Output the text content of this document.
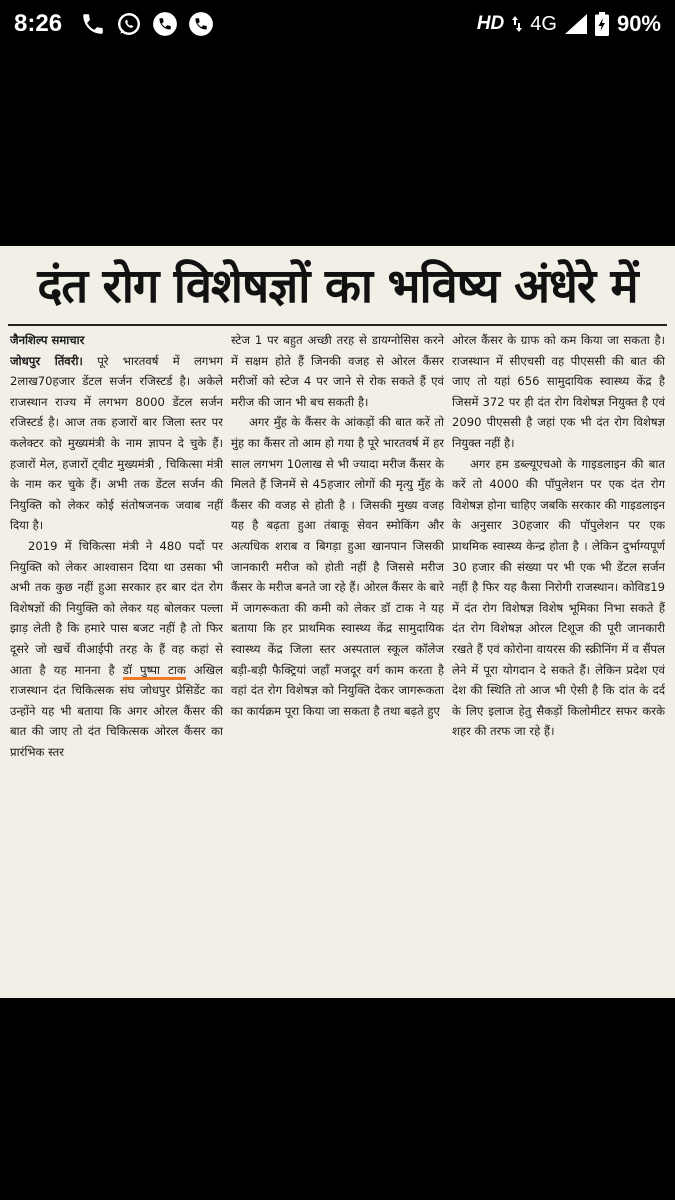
8:26	HD 4G	90%
दंत रोग विशेषज्ञों का भविष्य अंधेरे में

जैनशिल्प समाचार

जोधपुर तिंवरी। पूरे भारतवर्ष में लगभग 2लाख70हजार डेंटल सर्जन रजिस्टर्ड है। अकेले राजस्थान राज्य में लगभग 8000 डेंटल सर्जन रजिस्टर्ड है। आज तक हजारों बार जिला स्तर पर कलेक्टर को मुख्यमंत्री के नाम ज्ञापन दे चुके हैं। हजारों मेल, हजारों ट्वीट मुख्यमंत्री , चिकित्सा मंत्री के नाम कर चुके हैं। अभी तक डेंटल सर्जन की नियुक्ति को लेकर कोई संतोषजनक जवाब नहीं दिया है।

2019 में चिकित्सा मंत्री ने 480 पदों पर नियुक्ति को लेकर आश्वासन दिया था उसका भी अभी तक कुछ नहीं हुआ सरकार हर बार दंत रोग विशेषज्ञों की नियुक्ति को लेकर यह बोलकर पल्ला झाड़ लेती है कि हमारे पास बजट नहीं है तो फिर दूसरे जो खर्चे वीआईपी तरह के हैं वह कहां से आता है यह मानना है डॉ पुष्पा टाक अखिल राजस्थान दंत चिकित्सक संघ जोधपुर प्रेसिडेंट का उन्होंने यह भी बताया कि अगर ओरल कैंसर की बात की जाए तो दंत चिकित्सक ओरल कैंसर का प्रारंभिक स्तर

स्टेज 1 पर बहुत अच्छी तरह से डायग्नोसिस करने में सक्षम होते हैं जिनकी वजह से ओरल कैंसर मरीजों को स्टेज 4 पर जाने से रोक सकते हैं एवं मरीज की जान भी बच सकती है।

अगर मुँह के कैंसर के आंकड़ों की बात करें तो मुंह का कैंसर तो आम हो गया है पूरे भारतवर्ष में हर साल लगभग 10लाख से भी ज्यादा मरीज कैंसर के मिलते हैं जिनमें से 45हजार लोगों की मृत्यु मुँह के कैंसर की वजह से होती है । जिसकी मुख्य वजह यह है बढ़ता हुआ तंबाकू सेवन स्मोकिंग और अत्यधिक शराब व बिगड़ा हुआ खानपान जिसकी जानकारी मरीज को होती नहीं है जिससे मरीज कैंसर के मरीज बनते जा रहे हैं। ओरल कैंसर के बारे में जागरूकता की कमी को लेकर डॉ टाक ने यह बताया कि हर प्राथमिक स्वास्थ्य केंद्र सामुदायिक स्वास्थ्य केंद्र जिला स्तर अस्पताल स्कूल कॉलेज बड़ी-बड़ी फैक्ट्रियां जहाँ मजदूर वर्ग काम करता है वहां दंत रोग विशेषज्ञ को नियुक्ति देकर जागरूकता का कार्यक्रम पूरा किया जा सकता है तथा बढ़ते हुए

ओरल कैंसर के ग्राफ को कम किया जा सकता है। राजस्थान में सीएचसी वह पीएससी की बात की जाए तो यहां 656 सामुदायिक स्वास्थ्य केंद्र है जिसमें 372 पर ही दंत रोग विशेषज्ञ नियुक्त है एवं 2090 पीएससी है जहां एक भी दंत रोग विशेषज्ञ नियुक्त नहीं है।

अगर हम डब्ल्यूएचओ के गाइडलाइन की बात करें तो 4000 की पॉपुलेशन पर एक दंत रोग विशेषज्ञ होना चाहिए जबकि सरकार की गाइडलाइन के अनुसार 30हजार की पॉपुलेशन पर एक प्राथमिक स्वास्थ्य केन्द्र होता है । लेकिन दुर्भाग्यपूर्ण 30 हजार की संख्या पर भी एक भी डेंटल सर्जन नहीं है फिर यह कैसा निरोगी राजस्थान। कोविड19 में दंत रोग विशेषज्ञ विशेष भूमिका निभा सकते हैं दंत रोग विशेषज्ञ ओरल टिशूज की पूरी जानकारी रखते हैं एवं कोरोना वायरस की स्क्रीनिंग में व सैंपल लेने में पूरा योगदान दे सकते हैं। लेकिन प्रदेश एवं देश की स्थिति तो आज भी ऐसी है कि दांत के दर्द के लिए इलाज हेतु सैकड़ों किलोमीटर सफर करके शहर की तरफ जा रहे हैं।
